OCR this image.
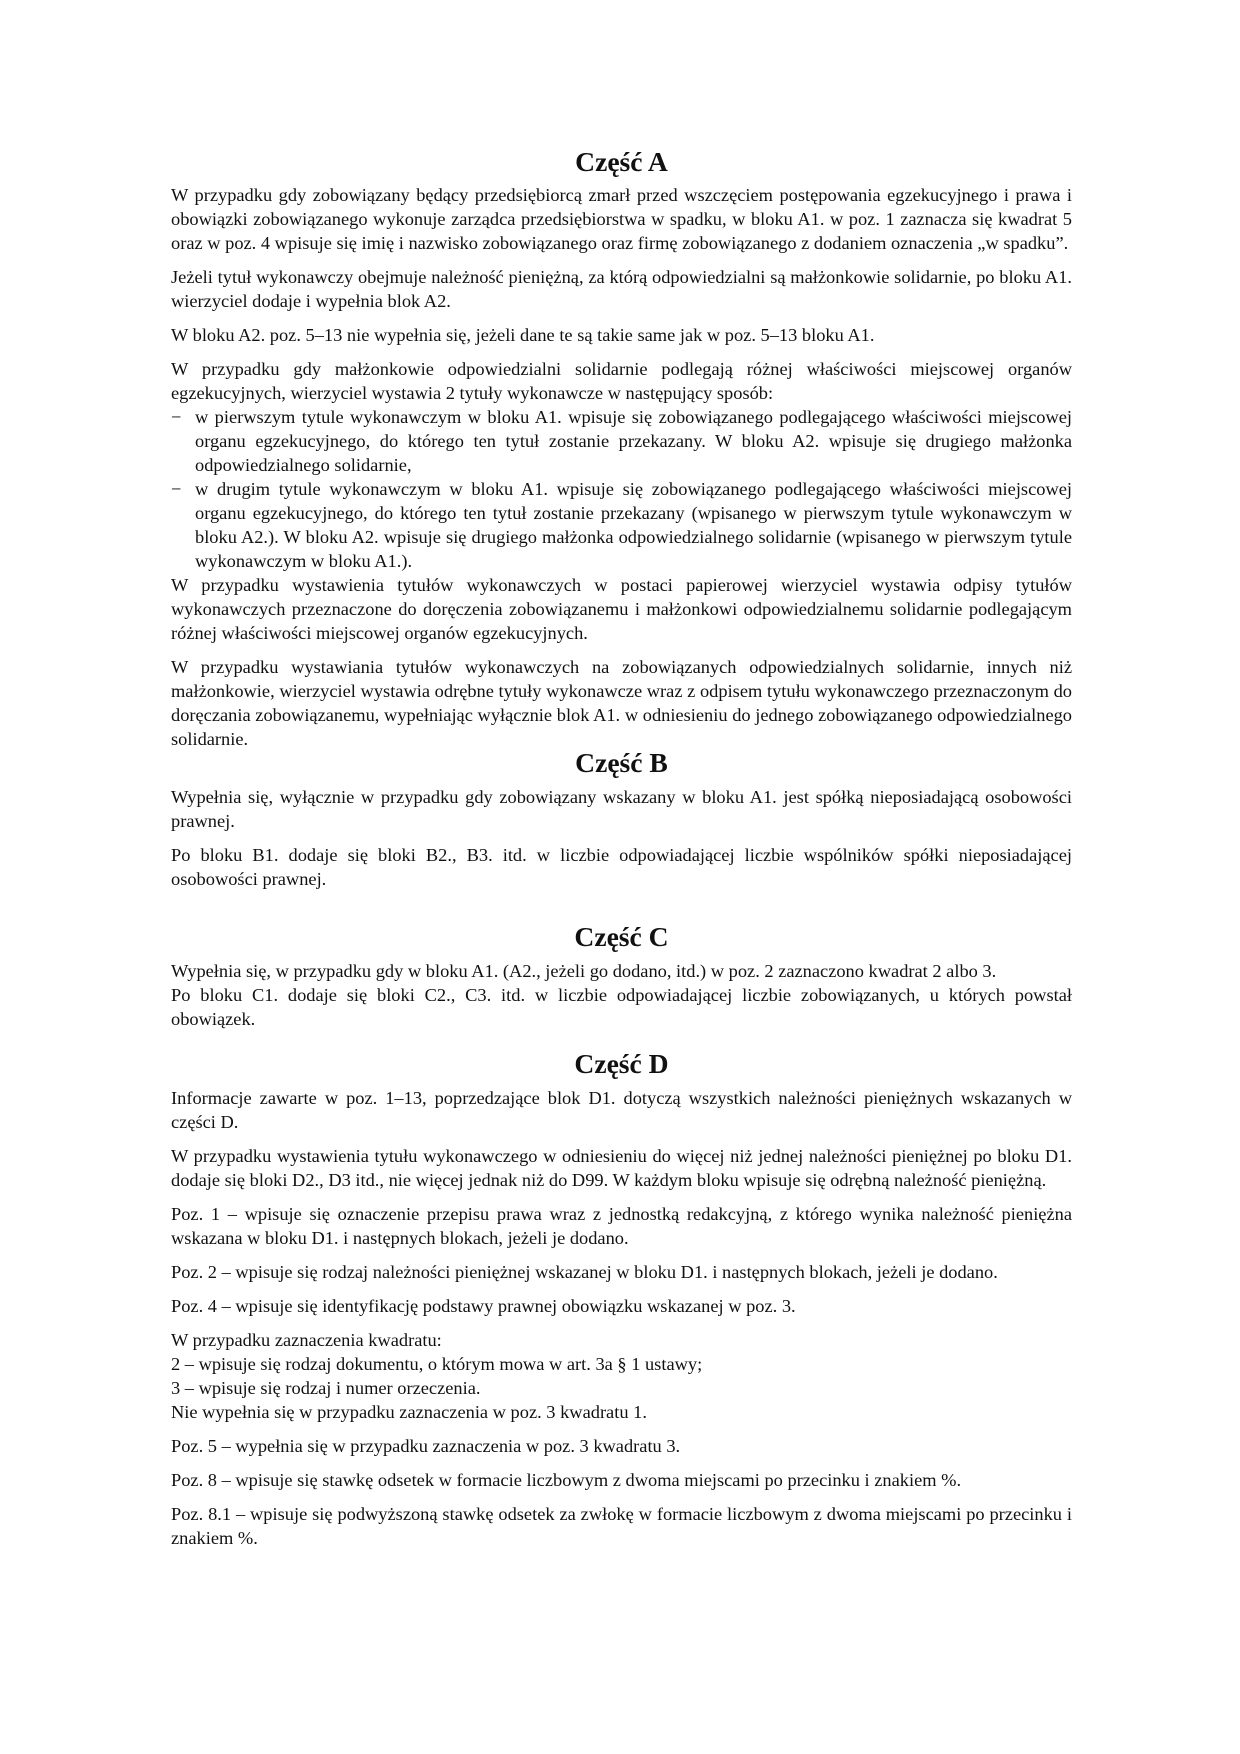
Część A

W przypadku gdy zobowiązany będący przedsiębiorcą zmarł przed wszczęciem postępowania egzekucyjnego i prawa i obowiązki zobowiązanego wykonuje zarządca przedsiębiorstwa w spadku, w bloku A1. w poz. 1 zaznacza się kwadrat 5 oraz w poz. 4 wpisuje się imię i nazwisko zobowiązanego oraz firmę zobowiązanego z dodaniem oznaczenia „w spadku”.

Jeżeli tytuł wykonawczy obejmuje należność pieniężną, za którą odpowiedzialni są małżonkowie solidarnie, po bloku A1. wierzyciel dodaje i wypełnia blok A2.

W bloku A2. poz. 5–13 nie wypełnia się, jeżeli dane te są takie same jak w poz. 5–13 bloku A1.

W przypadku gdy małżonkowie odpowiedzialni solidarnie podlegają różnej właściwości miejscowej organów egzekucyjnych, wierzyciel wystawia 2 tytuły wykonawcze w następujący sposób:

− w pierwszym tytule wykonawczym w bloku A1. wpisuje się zobowiązanego podlegającego właściwości miejscowej organu egzekucyjnego, do którego ten tytuł zostanie przekazany. W bloku A2. wpisuje się drugiego małżonka odpowiedzialnego solidarnie,
− w drugim tytule wykonawczym w bloku A1. wpisuje się zobowiązanego podlegającego właściwości miejscowej organu egzekucyjnego, do którego ten tytuł zostanie przekazany (wpisanego w pierwszym tytule wykonawczym w bloku A2.). W bloku A2. wpisuje się drugiego małżonka odpowiedzialnego solidarnie (wpisanego w pierwszym tytule wykonawczym w bloku A1.).

W przypadku wystawienia tytułów wykonawczych w postaci papierowej wierzyciel wystawia odpisy tytułów wykonawczych przeznaczone do doręczenia zobowiązanemu i małżonkowi odpowiedzialnemu solidarnie podlegającym różnej właściwości miejscowej organów egzekucyjnych.

W przypadku wystawiania tytułów wykonawczych na zobowiązanych odpowiedzialnych solidarnie, innych niż małżonkowie, wierzyciel wystawia odrębne tytuły wykonawcze wraz z odpisem tytułu wykonawczego przeznaczonym do doręczania zobowiązanemu, wypełniając wyłącznie blok A1. w odniesieniu do jednego zobowiązanego odpowiedzialnego solidarnie.

Część B

Wypełnia się, wyłącznie w przypadku gdy zobowiązany wskazany w bloku A1. jest spółką nieposiadającą osobowości prawnej.

Po bloku B1. dodaje się bloki B2., B3. itd. w liczbie odpowiadającej liczbie wspólników spółki nieposiadającej osobowości prawnej.

Część C

Wypełnia się, w przypadku gdy w bloku A1. (A2., jeżeli go dodano, itd.) w poz. 2 zaznaczono kwadrat 2 albo 3.

Po bloku C1. dodaje się bloki C2., C3. itd. w liczbie odpowiadającej liczbie zobowiązanych, u których powstał obowiązek.

Część D

Informacje zawarte w poz. 1–13, poprzedzające blok D1. dotyczą wszystkich należności pieniężnych wskazanych w części D.

W przypadku wystawienia tytułu wykonawczego w odniesieniu do więcej niż jednej należności pieniężnej po bloku D1. dodaje się bloki D2., D3 itd., nie więcej jednak niż do D99. W każdym bloku wpisuje się odrębną należność pieniężną.

Poz. 1 – wpisuje się oznaczenie przepisu prawa wraz z jednostką redakcyjną, z którego wynika należność pieniężna wskazana w bloku D1. i następnych blokach, jeżeli je dodano.

Poz. 2 – wpisuje się rodzaj należności pieniężnej wskazanej w bloku D1. i następnych blokach, jeżeli je dodano.

Poz. 4 – wpisuje się identyfikację podstawy prawnej obowiązku wskazanej w poz. 3.

W przypadku zaznaczenia kwadratu:
2 – wpisuje się rodzaj dokumentu, o którym mowa w art. 3a § 1 ustawy;
3 – wpisuje się rodzaj i numer orzeczenia.
Nie wypełnia się w przypadku zaznaczenia w poz. 3 kwadratu 1.

Poz. 5 – wypełnia się w przypadku zaznaczenia w poz. 3 kwadratu 3.

Poz. 8 – wpisuje się stawkę odsetek w formacie liczbowym z dwoma miejscami po przecinku i znakiem %.

Poz. 8.1 – wpisuje się podwyższoną stawkę odsetek za zwłokę w formacie liczbowym z dwoma miejscami po przecinku i znakiem %.
